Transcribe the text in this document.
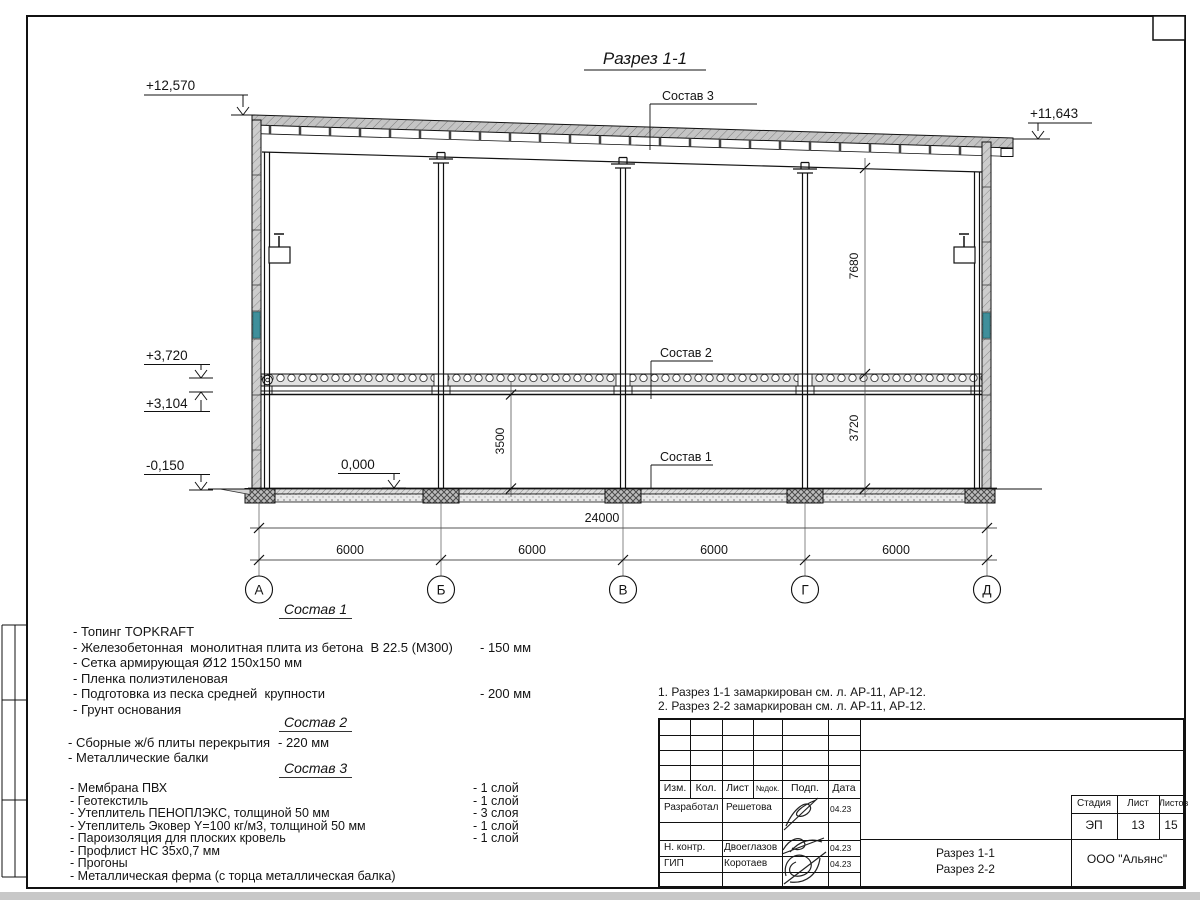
Разрез 1-1
+12,570
+11,643
+3,720
+3,104
-0,150	0,000
Состав 3
Состав 2
Состав 1
3500
7680
3720
24000
6000	6000	6000	6000
А	Б	В	Г	Д
Состав 1
- Топинг TOPKRAFT
- Железобетонная  монолитная плита из бетона  В 22.5 (М300) - 150 мм
- Сетка армирующая Ø12 150x150 мм
- Пленка полиэтиленовая
- Подготовка из песка средней  крупности	- 200 мм
- Грунт основания
Состав 2
- Сборные ж/б плиты перекрытия - 220 мм
- Металлические балки
Состав 3
- Мембрана ПВХ	- 1 слой
- Геотекстиль	- 1 слой
- Утеплитель ПЕНОПЛЭКС, толщиной 50 мм	- 3 слоя
- Утеплитель Эковер Y=100 кг/м3, толщиной 50 мм	- 1 слой
- Пароизоляция для плоских кровель	- 1 слой
- Профлист НС 35x0,7 мм
- Прогоны
- Металлическая ферма (с торца металлическая балка)
1. Разрез 1-1 замаркирован см. л. АР-11, АР-12.
2. Разрез 2-2 замаркирован см. л. АР-11, АР-12.
Изм. Кол. Лист №док.	Подп.	Дата
Разработал Решетова	04.23
Н. контр. Двоеглазов	04.23
ГИП	Коротаев	04.23
Стадия	Лист	Листов
ЭП	13	15
Разрез 1-1
Разрез 2-2
ООО "Альянс"
